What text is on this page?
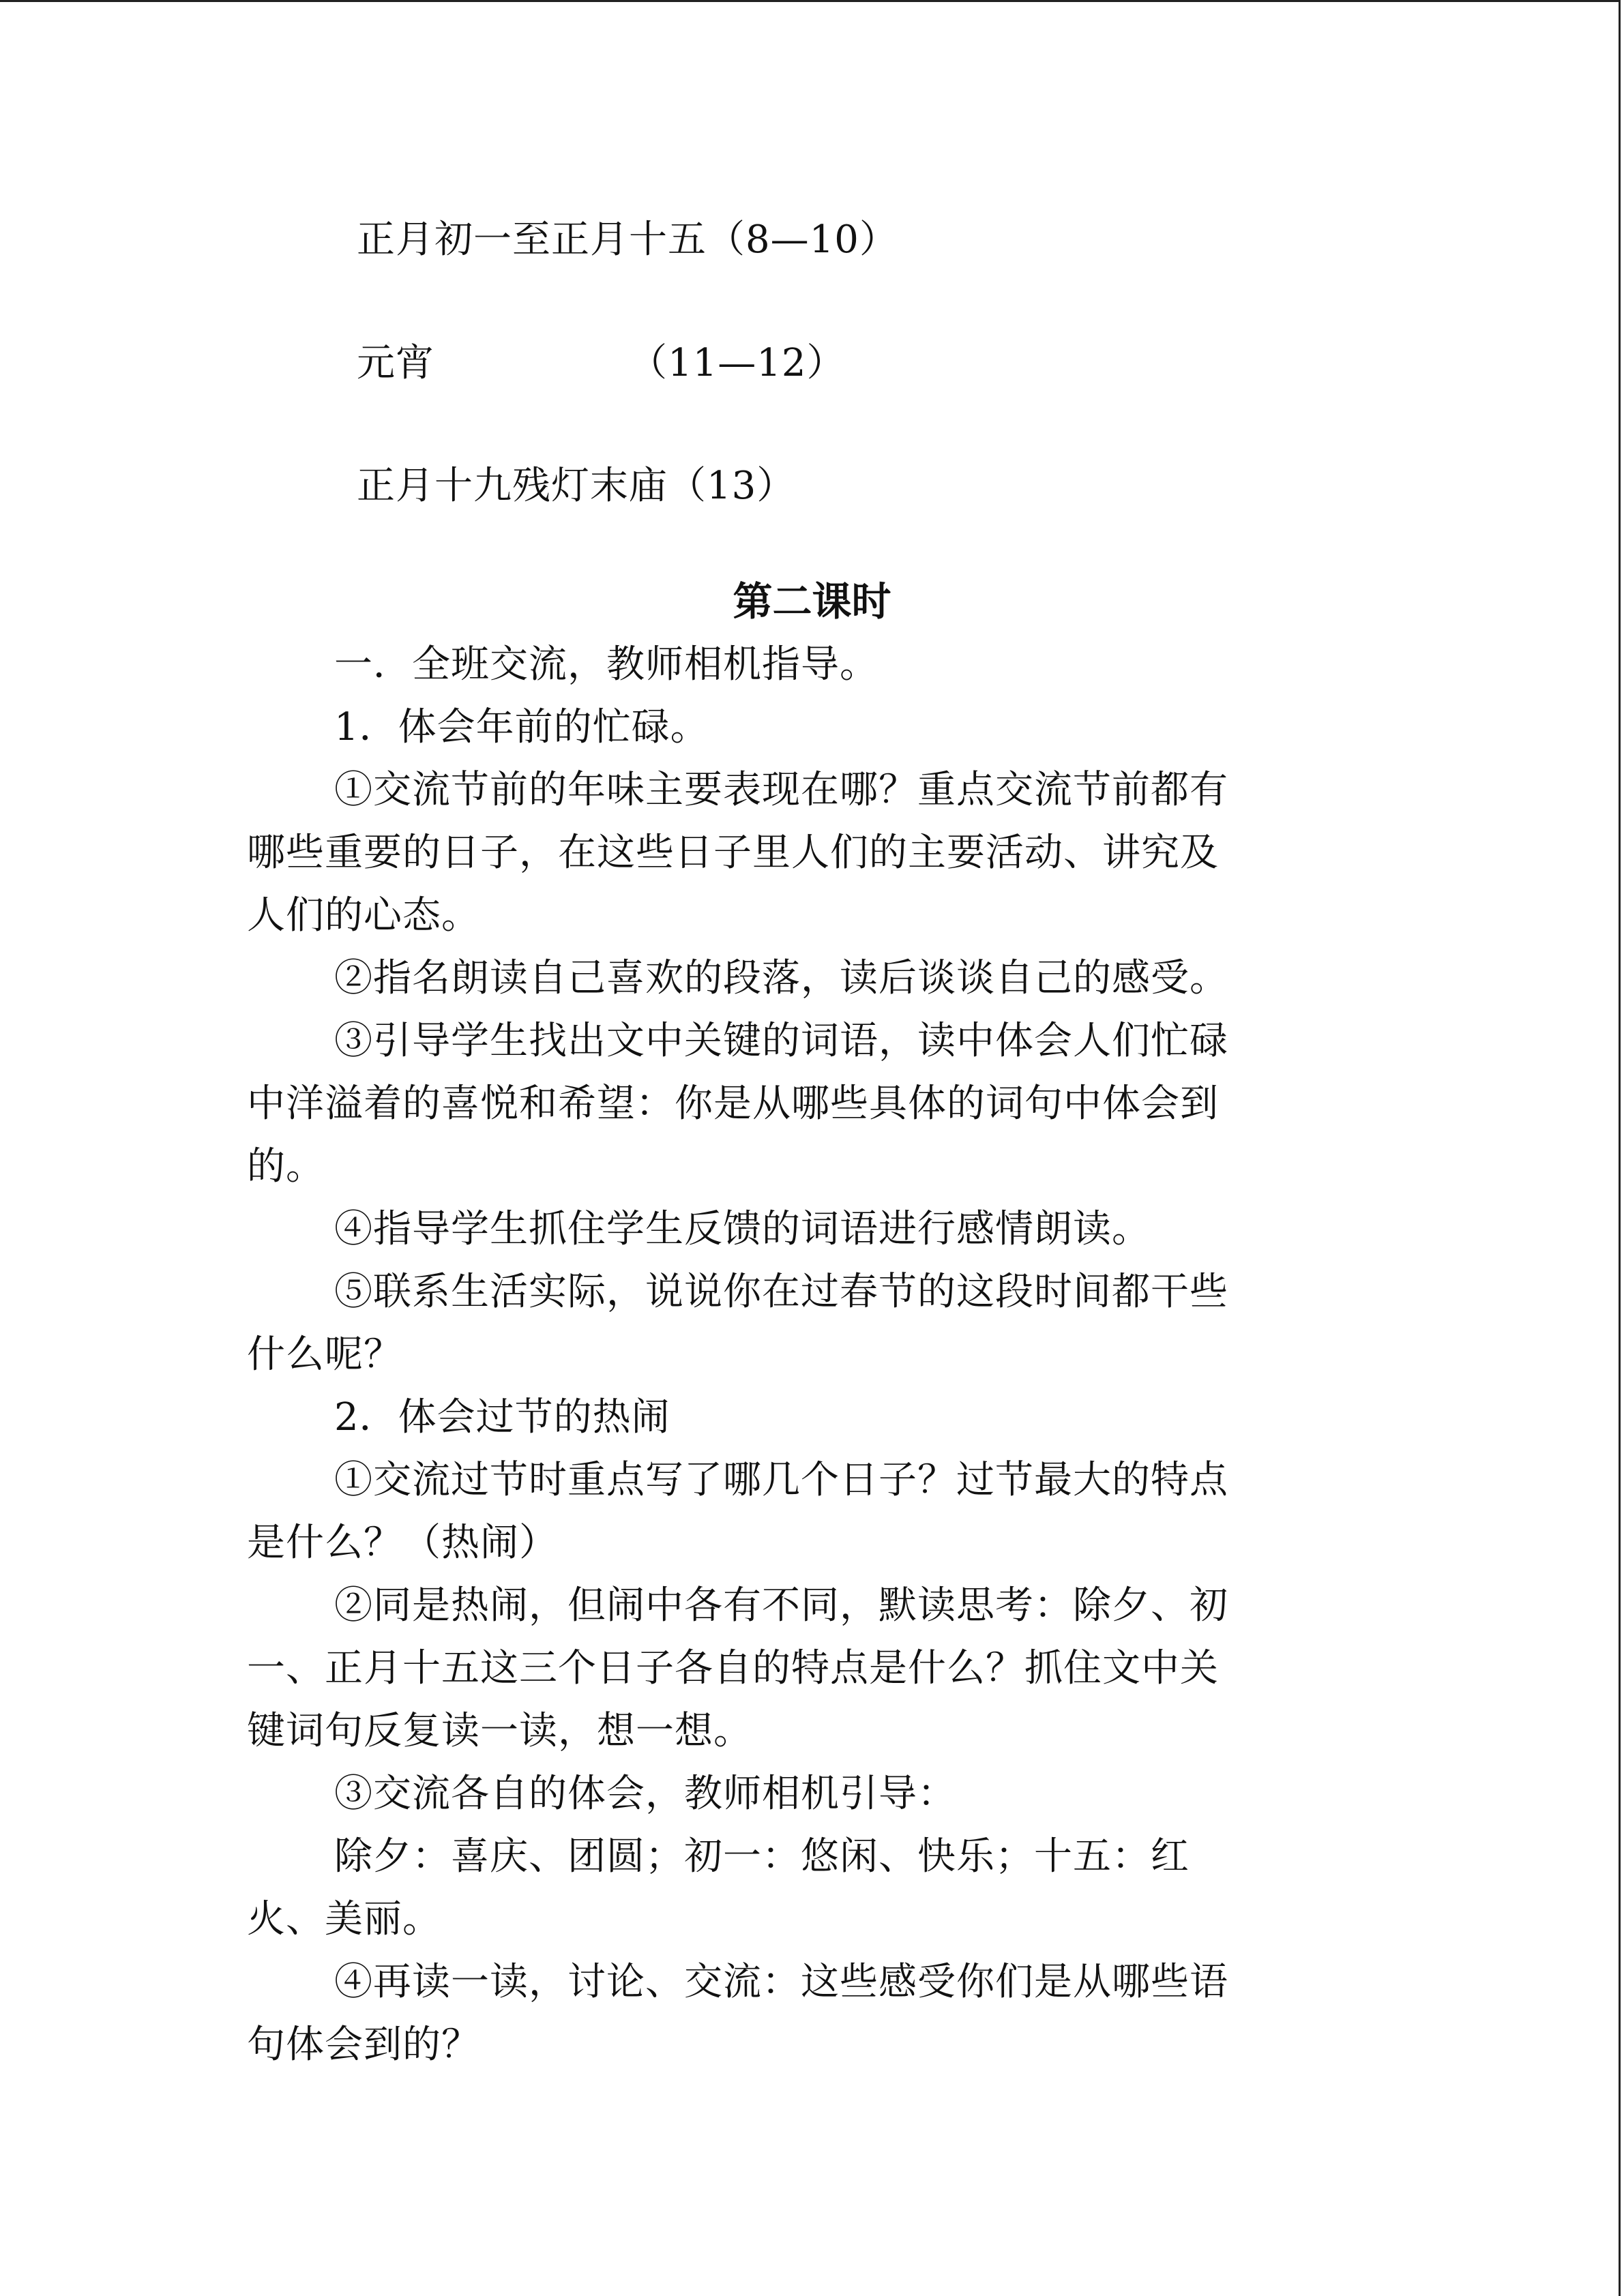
正月初一至正月十五（8—10）
元宵	（11—12）
正月十九残灯末庙（13）
第二课时
一．全班交流，教师相机指导。
1．体会年前的忙碌。
①交流节前的年味主要表现在哪？重点交流节前都有
哪些重要的日子，在这些日子里人们的主要活动、讲究及
人们的心态。
②指名朗读自己喜欢的段落，读后谈谈自己的感受。
③引导学生找出文中关键的词语，读中体会人们忙碌
中洋溢着的喜悦和希望：你是从哪些具体的词句中体会到
的。
④指导学生抓住学生反馈的词语进行感情朗读。
⑤联系生活实际，说说你在过春节的这段时间都干些
什么呢？
2．体会过节的热闹
①交流过节时重点写了哪几个日子？过节最大的特点
是什么？（热闹）
②同是热闹，但闹中各有不同，默读思考：除夕、初
一、正月十五这三个日子各自的特点是什么？抓住文中关
键词句反复读一读，想一想。
③交流各自的体会，教师相机引导：
除夕：喜庆、团圆；初一：悠闲、快乐；十五：红
火、美丽。
④再读一读，讨论、交流：这些感受你们是从哪些语
句体会到的？
